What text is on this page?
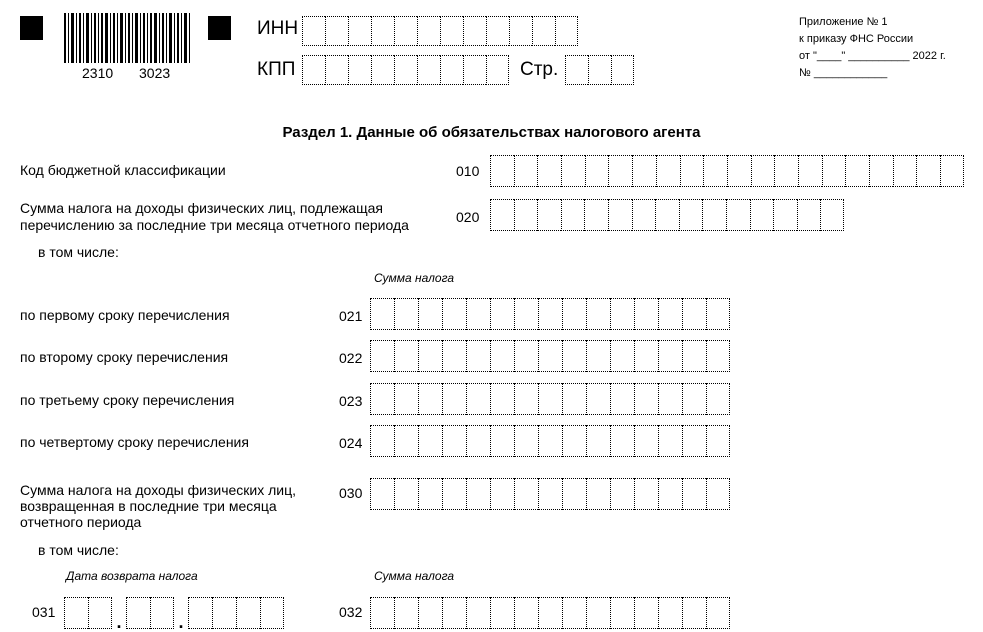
2310 3023
ИНН
КПП	Стр.
Приложение № 1
к приказу ФНС России
от "____" __________ 2022 г.
№ ____________
Раздел 1. Данные об обязательствах налогового агента
Код бюджетной классификации	010
Сумма налога на доходы физических лиц, подлежащая
перечислению за последние три месяца отчетного периода	020
в том числе:
Сумма налога
по первому сроку перечисления	021
по второму сроку перечисления	022
по третьему сроку перечисления	023
по четвертому сроку перечисления	024
Сумма налога на доходы физических лиц,
возвращенная в последние три месяца
отчетного периода
030
в том числе:
Дата возврата налога	Сумма налога
031	.	.	032
